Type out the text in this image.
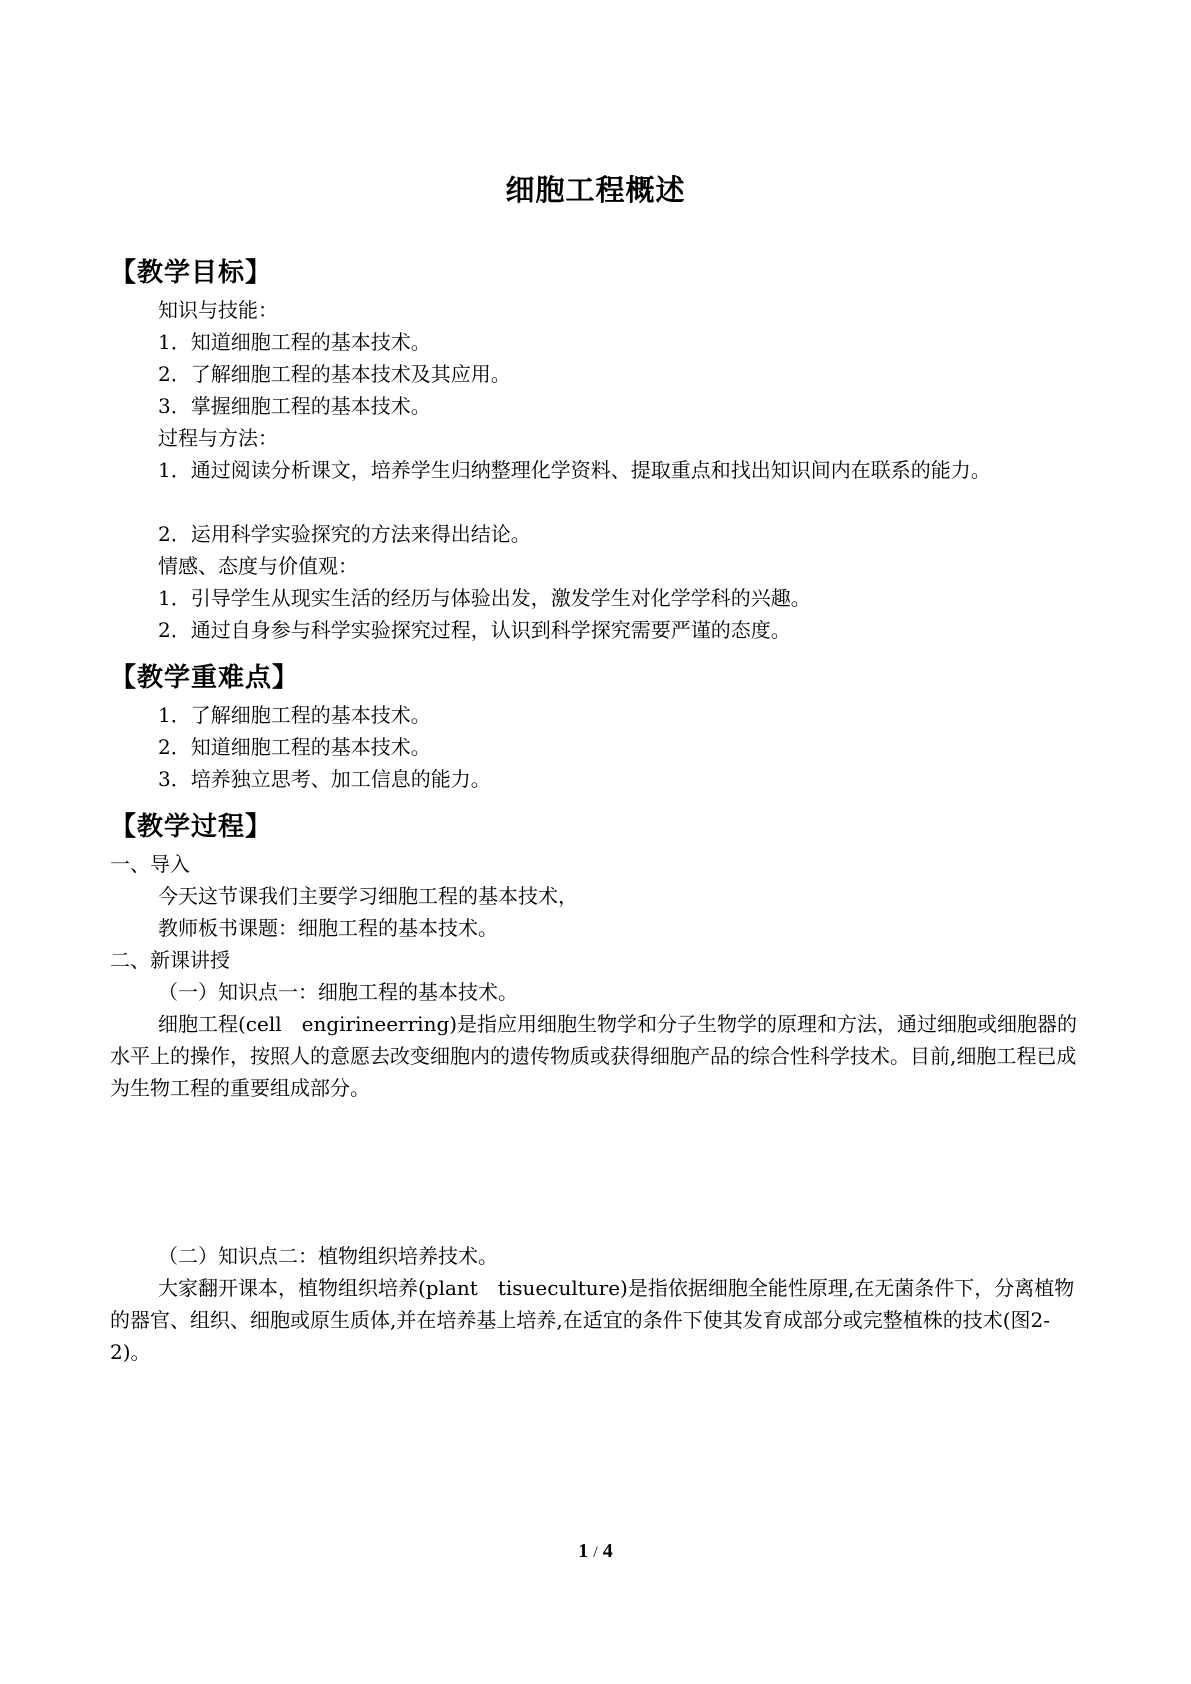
细胞工程概述
【教学目标】
知识与技能：
1．知道细胞工程的基本技术。
2．了解细胞工程的基本技术及其应用。
3．掌握细胞工程的基本技术。
过程与方法：
1．通过阅读分析课文，培养学生归纳整理化学资料、提取重点和找出知识间内在联系的能力。
2．运用科学实验探究的方法来得出结论。
情感、态度与价值观：
1．引导学生从现实生活的经历与体验出发，激发学生对化学学科的兴趣。
2．通过自身参与科学实验探究过程，认识到科学探究需要严谨的态度。
【教学重难点】
1．了解细胞工程的基本技术。
2．知道细胞工程的基本技术。
3．培养独立思考、加工信息的能力。
【教学过程】
一、导入
今天这节课我们主要学习细胞工程的基本技术，
教师板书课题：细胞工程的基本技术。
二、新课讲授
（一）知识点一：细胞工程的基本技术。
细胞工程(cell　engirineerring)是指应用细胞生物学和分子生物学的原理和方法，通过细胞或细胞器的水平上的操作，按照人的意愿去改变细胞内的遗传物质或获得细胞产品的综合性科学技术。目前,细胞工程已成为生物工程的重要组成部分。
（二）知识点二：植物组织培养技术。
大家翻开课本，植物组织培养(plant　tisueculture)是指依据细胞全能性原理,在无菌条件下，分离植物的器官、组织、细胞或原生质体,并在培养基上培养,在适宜的条件下使其发育成部分或完整植株的技术(图2-2)。
1 / 4
